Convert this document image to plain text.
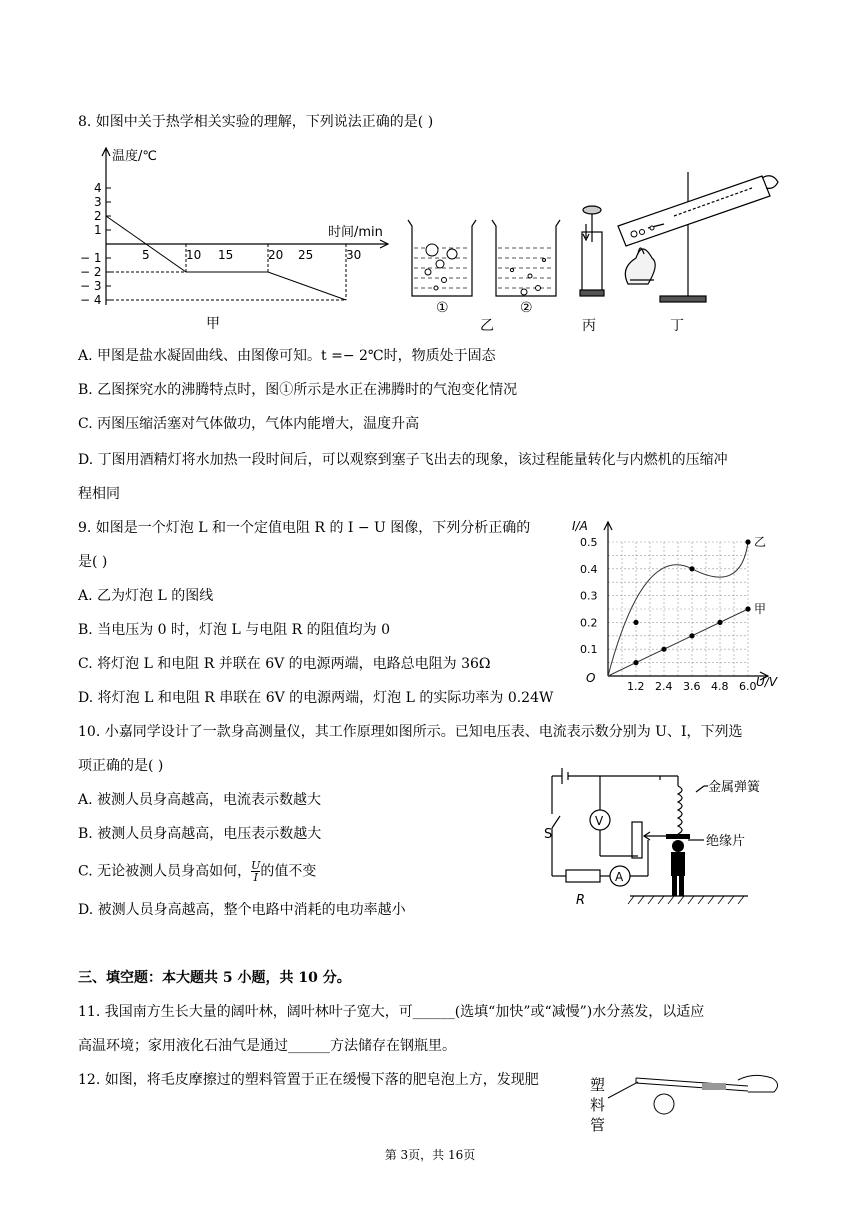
8. 如图中关于热学相关实验的理解，下列说法正确的是( )
温度/℃
时间/min
4
3
2
1
− 1
− 2
− 3
− 4
5	10 15	20 25	30
甲
①	②
乙	丙	丁
A. 甲图是盐水凝固曲线、由图像可知。t =− 2℃时，物质处于固态
B. 乙图探究水的沸腾特点时，图①所示是水正在沸腾时的气泡变化情况
C. 丙图压缩活塞对气体做功，气体内能增大，温度升高
D. 丁图用酒精灯将水加热一段时间后，可以观察到塞子飞出去的现象，该过程能量转化与内燃机的压缩冲
程相同
9. 如图是一个灯泡 L 和一个定值电阻 R 的 I − U 图像，下列分析正确的
是( )
A. 乙为灯泡 L 的图线
B. 当电压为 0 时，灯泡 L 与电阻 R 的阻值均为 0
C. 将灯泡 L 和电阻 R 并联在 6V 的电源两端，电路总电阻为 36Ω
D. 将灯泡 L 和电阻 R 串联在 6V 的电源两端，灯泡 L 的实际功率为 0.24W
I/A
U/V
O
0.5
0.4
0.3
0.2
0.1
1.2 2.4 3.6 4.8 6.0
乙
甲
10. 小嘉同学设计了一款身高测量仪，其工作原理如图所示。已知电压表、电流表示数分别为 U、I，下列选
项正确的是( )
A. 被测人员身高越高，电流表示数越大
B. 被测人员身高越高，电压表示数越大
C. 无论被测人员身高如何， $\frac{U}{I}$ 的值不变
D. 被测人员身高越高，整个电路中消耗的电功率越小
V
A
S
R
金属弹簧
绝缘片
三、填空题：本大题共 5 小题，共 10 分。
11. 我国南方生长大量的阔叶林，阔叶林叶子宽大，可______(选填“加快”或“减慢”)水分蒸发，以适应
高温环境；家用液化石油气是通过______方法储存在钢瓶里。
12. 如图，将毛皮摩擦过的塑料管置于正在缓慢下落的肥皂泡上方，发现肥	塑
料
管
第 3页，共 16页
